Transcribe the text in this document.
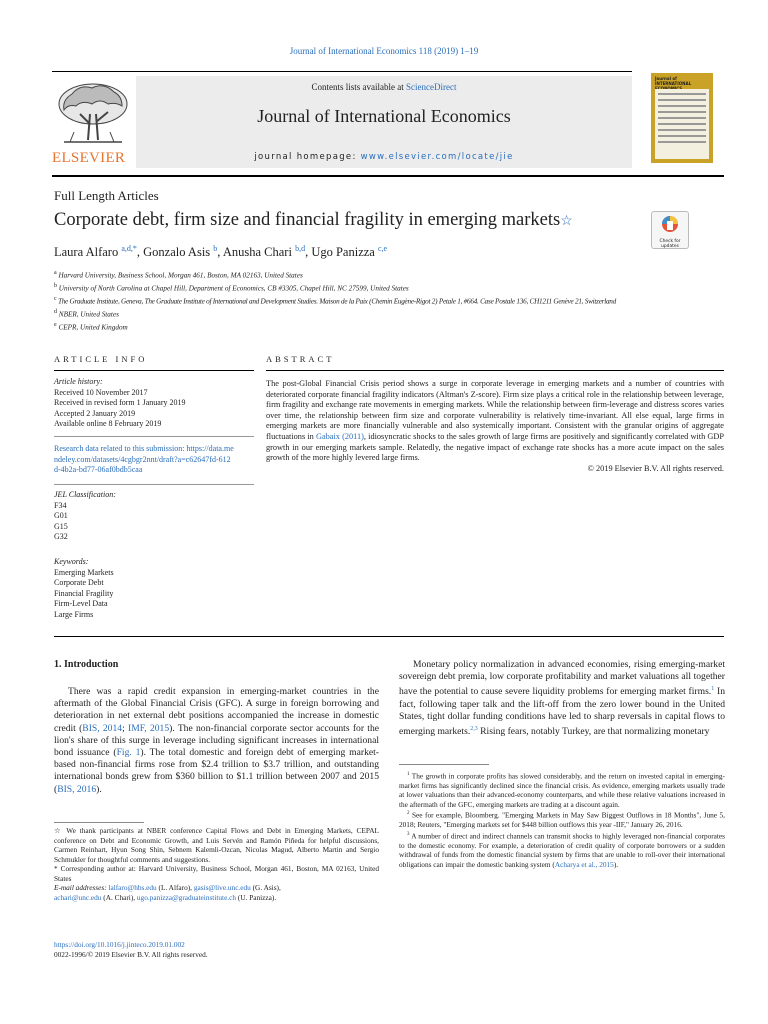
Journal of International Economics 118 (2019) 1–19
ELSEVIER
Contents lists available at ScienceDirect
Journal of International Economics
journal homepage: www.elsevier.com/locate/jie
Journal of INTERNATIONAL
Full Length Articles
Corporate debt, firm size and financial fragility in emerging markets☆
Check for updates
Laura Alfaro $^{a,d,*}$, Gonzalo Asis $^b$, Anusha Chari $^{b,d}$, Ugo Panizza $^{c,e}$
$^a$ Harvard University, Business School, Morgan 461, Boston, MA 02163, United States
$^b$ University of North Carolina at Chapel Hill, Department of Economics, CB #3305, Chapel Hill, NC 27599, United States
$^c$ The Graduate Institute, Geneva, The Graduate Institute of International and Development Studies. Maison de la Paix (Chemin Eugène-Rigot 2) Petale 1, #664. Case Postale 136, CH1211 Genève 21, Switzerland
$^d$ NBER, United States
$^e$ CEPR, United Kingdom
ARTICLE INFO	ABSTRACT
Article history:
Received 10 November 2017
Received in revised form 1 January 2019
Accepted 2 January 2019
Available online 8 February 2019
Research data related to this submission: https://data.mendeley.com/datasets/4cgbgr2nnt/draft?a=c62647fd-612d-4b2a-bd77-06af0bdb5caa
JEL Classification:
F34
G01
G15
G32
Keywords:
Emerging Markets
Corporate Debt
Financial Fragility
Firm-Level Data
Large Firms
The post-Global Financial Crisis period shows a surge in corporate leverage in emerging markets and a number of countries with deteriorated corporate financial fragility indicators (Altman's Z-score). Firm size plays a critical role in the relationship between leverage, firm fragility and exchange rate movements in emerging markets. While the relationship between firm-leverage and distress scores varies over time, the relationship between firm size and corporate vulnerability is relatively time-invariant. All else equal, large firms in emerging markets are more financially vulnerable and also systemically important. Consistent with the granular origins of aggregate fluctuations in Gabaix (2011), idiosyncratic shocks to the sales growth of large firms are positively and significantly correlated with GDP growth in our emerging markets sample. Relatedly, the negative impact of exchange rate shocks has a more acute impact on the sales growth of the more highly levered large firms.
© 2019 Elsevier B.V. All rights reserved.
1. Introduction
There was a rapid credit expansion in emerging-market countries in the aftermath of the Global Financial Crisis (GFC). A surge in foreign borrowing and deterioration in net external debt positions accompanied the increase in domestic credit (BIS, 2014; IMF, 2015). The non-financial corporate sector accounts for the lion's share of this surge in leverage including significant increases in international bond issuance (Fig. 1). The total domestic and foreign debt of emerging market-based non-financial firms rose from $2.4 trillion to $3.7 trillion, and outstanding international bonds grew from $360 billion to $1.1 trillion between 2007 and 2015 (BIS, 2016).
☆ We thank participants at NBER conference Capital Flows and Debt in Emerging Markets, CEPAL conference on Debt and Economic Growth, and Luis Servén and Ramón Piñeda for helpful discussions, Carmen Reinhart, Hyun Song Shin, Sebnem Kalemli-Ozcan, Nicolas Magud, Alberto Martin and Sergio Schmukler for thoughtful comments and suggestions.
* Corresponding author at: Harvard University, Business School, Morgan 461, Boston, MA 02163, United States
E-mail addresses: lalfaro@hbs.edu (L. Alfaro), gasis@live.unc.edu (G. Asis),
achari@unc.edu (A. Chari), ugo.panizza@graduateinstitute.ch (U. Panizza).
https://doi.org/10.1016/j.jinteco.2019.01.002
0022-1996/© 2019 Elsevier B.V. All rights reserved.
Monetary policy normalization in advanced economies, rising emerging-market sovereign debt premia, low corporate profitability and market valuations all together have the potential to cause severe liquidity problems for emerging market firms.$^1$ In fact, following taper talk and the lift-off from the zero lower bound in the United States, tight dollar funding conditions have led to sharp reversals in capital flows to emerging markets.$^{2,3}$ Rising fears, notably Turkey, are that normalizing monetary
$^1$ The growth in corporate profits has slowed considerably, and the return on invested capital in emerging-market firms has significantly declined since the financial crisis. As evidence, emerging markets usually trade at lower valuations than their advanced-economy counterparts, and while these relative valuations increased in the aftermath of the GFC, emerging markets are trading at a discount again.
$^2$ See for example, Bloomberg. "Emerging Markets in May Saw Biggest Outflows in 18 Months", June 5, 2018; Reuters, "Emerging markets set for $448 billion outflows this year -IIF," January 26, 2016.
$^3$ A number of direct and indirect channels can transmit shocks to highly leveraged non-financial corporates to the domestic economy. For example, a deterioration of credit quality of corporate borrowers or a sudden withdrawal of funds from the domestic financial system by firms that are unable to roll-over their international obligations can impair the domestic banking system (Acharya et al., 2015).
